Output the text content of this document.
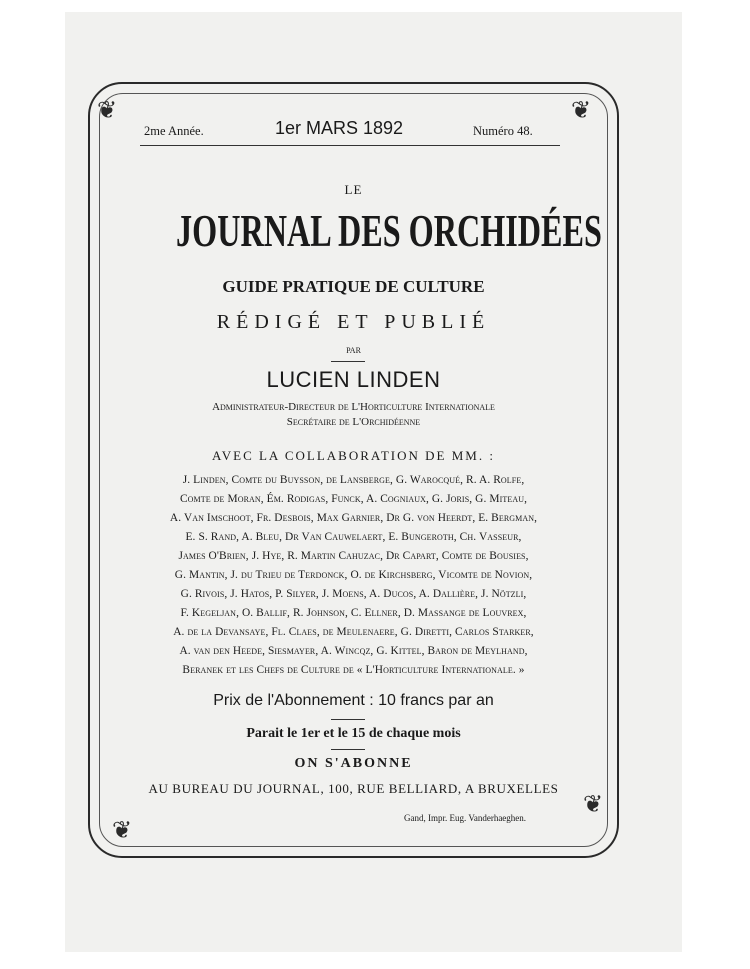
❦	❦
❦
❦
2me Année.	1er MARS 1892	Numéro 48.
LE
JOURNAL DES ORCHIDÉES
GUIDE PRATIQUE DE CULTURE
RÉDIGÉ ET PUBLIÉ
PAR
LUCIEN LINDEN
Administrateur-Directeur de L'Horticulture Internationale
Secrétaire de L'Orchidéenne
AVEC LA COLLABORATION DE MM. :
J. Linden, Comte du Buysson, de Lansberge, G. Warocqué, R. A. Rolfe,
Comte de Moran, Ém. Rodigas, Funck, A. Cogniaux, G. Joris, G. Miteau,
A. Van Imschoot, Fr. Desbois, Max Garnier, Dr G. von Heerdt, E. Bergman,
E. S. Rand, A. Bleu, Dr Van Cauwelaert, E. Bungeroth, Ch. Vasseur,
James O'Brien, J. Hye, R. Martin Cahuzac, Dr Capart, Comte de Bousies,
G. Mantin, J. du Trieu de Terdonck, O. de Kirchsberg, Vicomte de Novion,
G. Rivois, J. Hatos, P. Silyer, J. Moens, A. Ducos, A. Dallière, J. Nötzli,
F. Kegeljan, O. Ballif, R. Johnson, C. Ellner, D. Massange de Louvrex,
A. de la Devansaye, Fl. Claes, de Meulenaere, G. Diretti, Carlos Starker,
A. van den Heede, Siesmayer, A. Wincqz, G. Kittel, Baron de Meylhand,
Beranek et les Chefs de Culture de « L'Horticulture Internationale. »
Prix de l'Abonnement : 10 francs par an
Parait le 1er et le 15 de chaque mois
ON S'ABONNE
AU BUREAU DU JOURNAL, 100, RUE BELLIARD, A BRUXELLES
Gand, Impr. Eug. Vanderhaeghen.
